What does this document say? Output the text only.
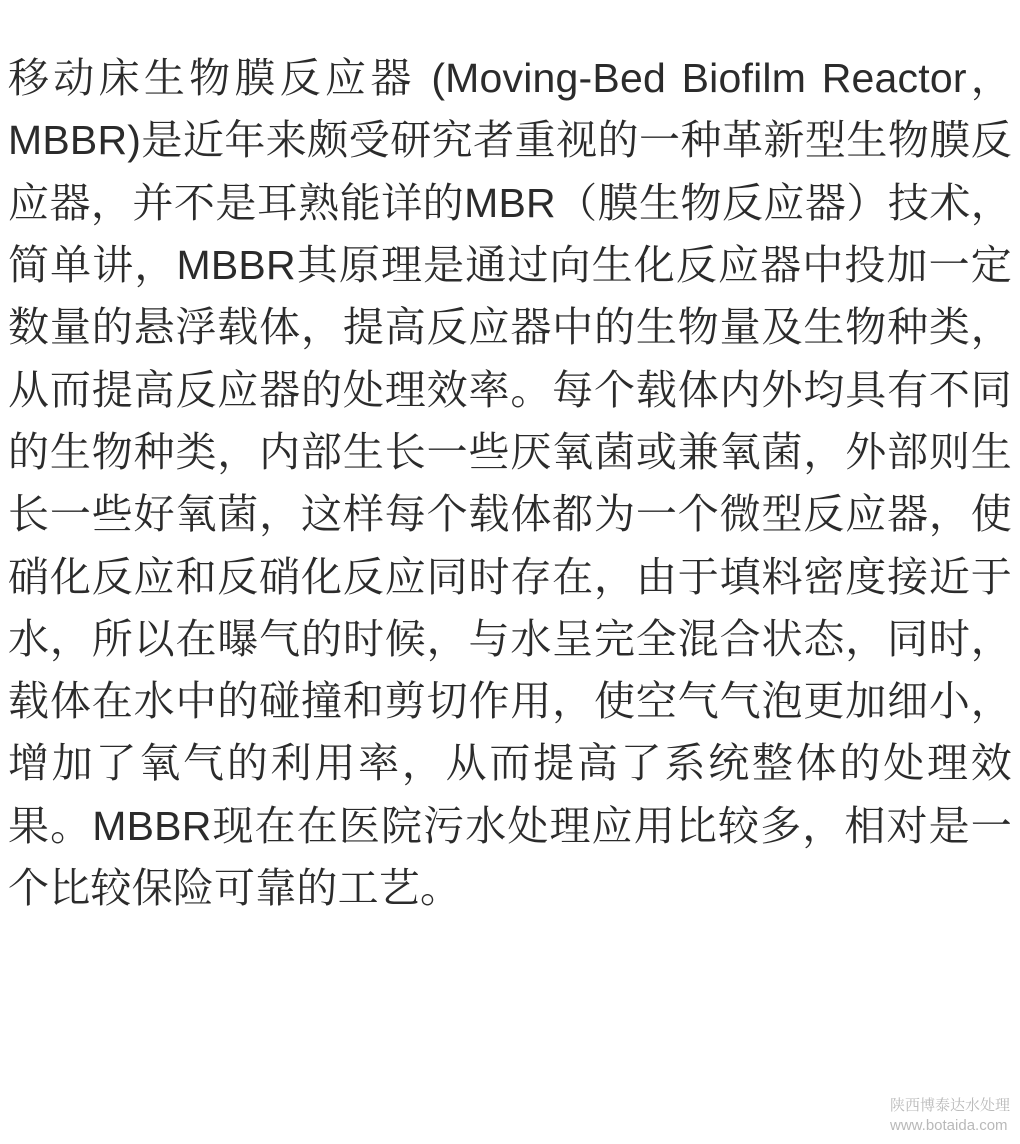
移动床生物膜反应器 (Moving-Bed Biofilm Reactor，MBBR)是近年来颇受研究者重视的一种革新型生物膜反应器，并不是耳熟能详的MBR（膜生物反应器）技术，简单讲，MBBR其原理是通过向生化反应器中投加一定数量的悬浮载体，提高反应器中的生物量及生物种类，从而提高反应器的处理效率。每个载体内外均具有不同的生物种类，内部生长一些厌氧菌或兼氧菌，外部则生长一些好氧菌，这样每个载体都为一个微型反应器，使硝化反应和反硝化反应同时存在，由于填料密度接近于水，所以在曝气的时候，与水呈完全混合状态，同时，载体在水中的碰撞和剪切作用，使空气气泡更加细小，增加了氧气的利用率，从而提高了系统整体的处理效果。MBBR现在在医院污水处理应用比较多，相对是一个比较保险可靠的工艺。

陕西博泰达水处理
www.botaida.com
